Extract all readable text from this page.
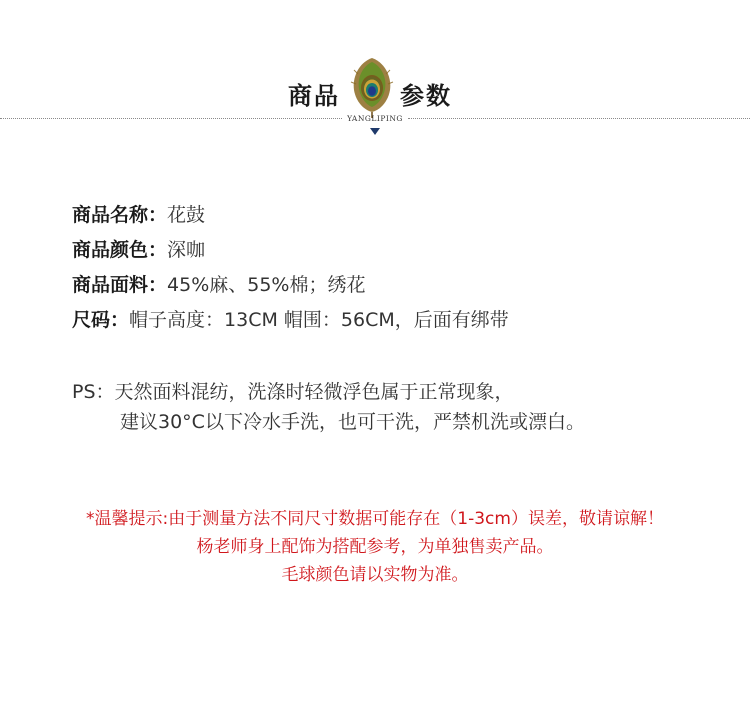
商品	参数
YANGLIPING
商品名称：花鼓
商品颜色：深咖
商品面料：45%麻、55%棉；绣花
尺码：帽子高度：13CM 帽围：56CM，后面有绑带
PS：天然面料混纺，洗涤时轻微浮色属于正常现象，
建议30°C以下冷水手洗，也可干洗，严禁机洗或漂白。
*温馨提示:由于测量方法不同尺寸数据可能存在（1-3cm）误差，敬请谅解！
杨老师身上配饰为搭配参考，为单独售卖产品。
毛球颜色请以实物为准。
